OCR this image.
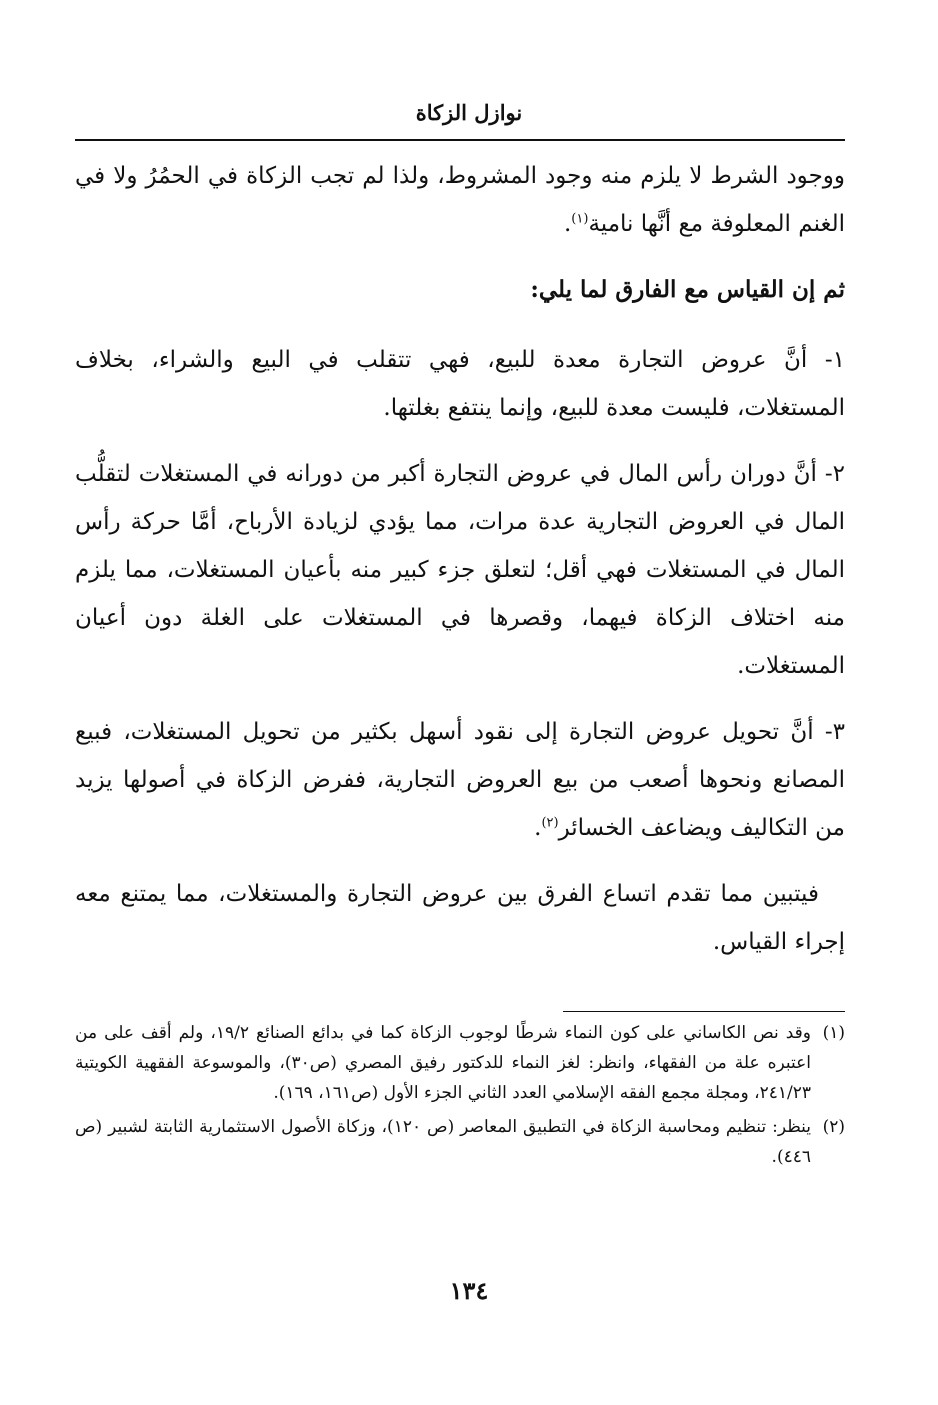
نوازل الزكاة

ووجود الشرط لا يلزم منه وجود المشروط، ولذا لم تجب الزكاة في الحمُرُ ولا في الغنم المعلوفة مع أنَّها نامية$^{(١)}$.

ثم إن القياس مع الفارق لما يلي:

١- أنَّ عروض التجارة معدة للبيع، فهي تتقلب في البيع والشراء، بخلاف المستغلات، فليست معدة للبيع، وإنما ينتفع بغلتها.

٢- أنَّ دوران رأس المال في عروض التجارة أكبر من دورانه في المستغلات لتقلُّب المال في العروض التجارية عدة مرات، مما يؤدي لزيادة الأرباح، أمَّا حركة رأس المال في المستغلات فهي أقل؛ لتعلق جزء كبير منه بأعيان المستغلات، مما يلزم منه اختلاف الزكاة فيهما، وقصرها في المستغلات على الغلة دون أعيان المستغلات.

٣- أنَّ تحويل عروض التجارة إلى نقود أسهل بكثير من تحويل المستغلات، فبيع المصانع ونحوها أصعب من بيع العروض التجارية، ففرض الزكاة في أصولها يزيد من التكاليف ويضاعف الخسائر$^{(٢)}$.

فيتبين مما تقدم اتساع الفرق بين عروض التجارة والمستغلات، مما يمتنع معه إجراء القياس.

(١)
وقد نص الكاساني على كون النماء شرطًا لوجوب الزكاة كما في بدائع الصنائع ١٩/٢، ولم أقف على من اعتبره علة من الفقهاء، وانظر: لغز النماء للدكتور رفيق المصري (ص٣٠)، والموسوعة الفقهية الكويتية ٢٤١/٢٣، ومجلة مجمع الفقه الإسلامي العدد الثاني الجزء الأول (ص١٦١، ١٦٩).
(٢)
ينظر: تنظيم ومحاسبة الزكاة في التطبيق المعاصر (ص ١٢٠)، وزكاة الأصول الاستثمارية الثابتة لشبير (ص ٤٤٦).
١٣٤
